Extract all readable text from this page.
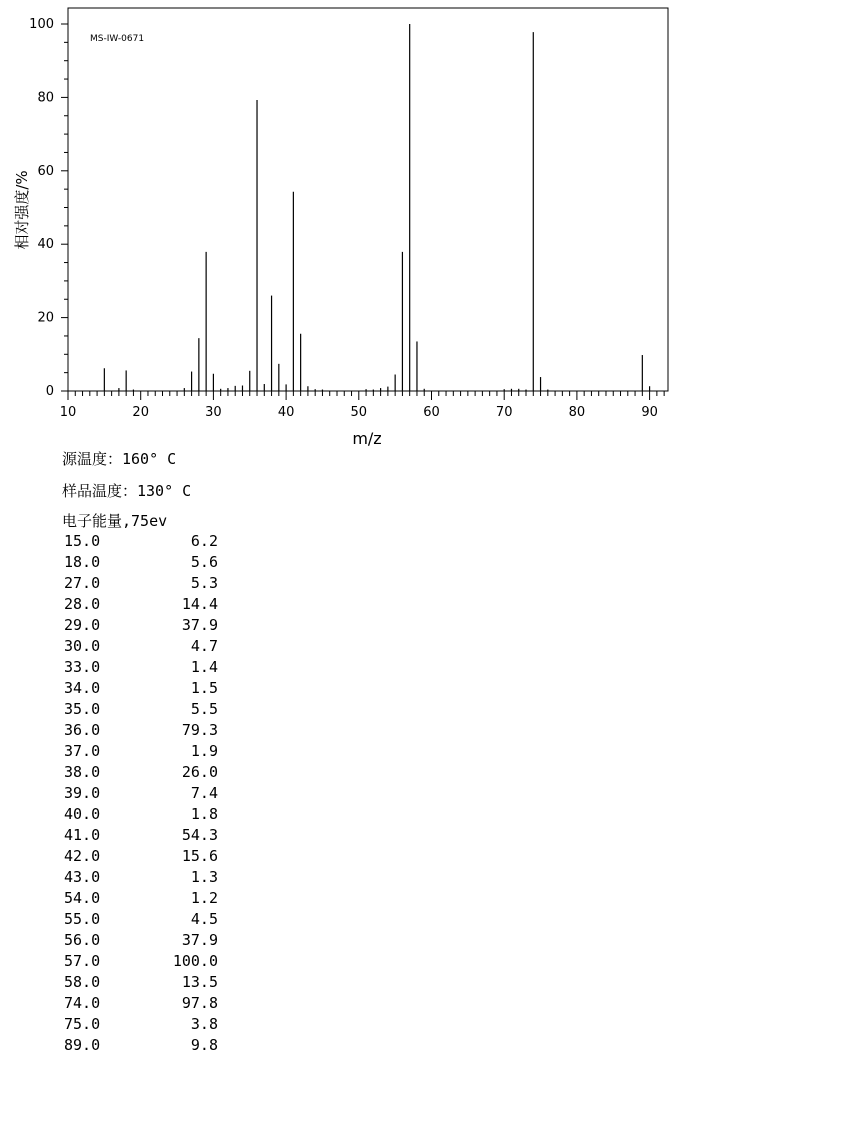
0
20
40
60
80
100
10	20	30	40	50	60	70	80	90
MS-IW-0671
m/z
相对强度/%
源温度：160° C
样品温度：130° C
电子能量,75ev
15.0	6.2
18.0	5.6
27.0	5.3
28.0	14.4
29.0	37.9
30.0	4.7
33.0	1.4
34.0	1.5
35.0	5.5
36.0	79.3
37.0	1.9
38.0	26.0
39.0	7.4
40.0	1.8
41.0	54.3
42.0	15.6
43.0	1.3
54.0	1.2
55.0	4.5
56.0	37.9
57.0	100.0
58.0	13.5
74.0	97.8
75.0	3.8
89.0	9.8
